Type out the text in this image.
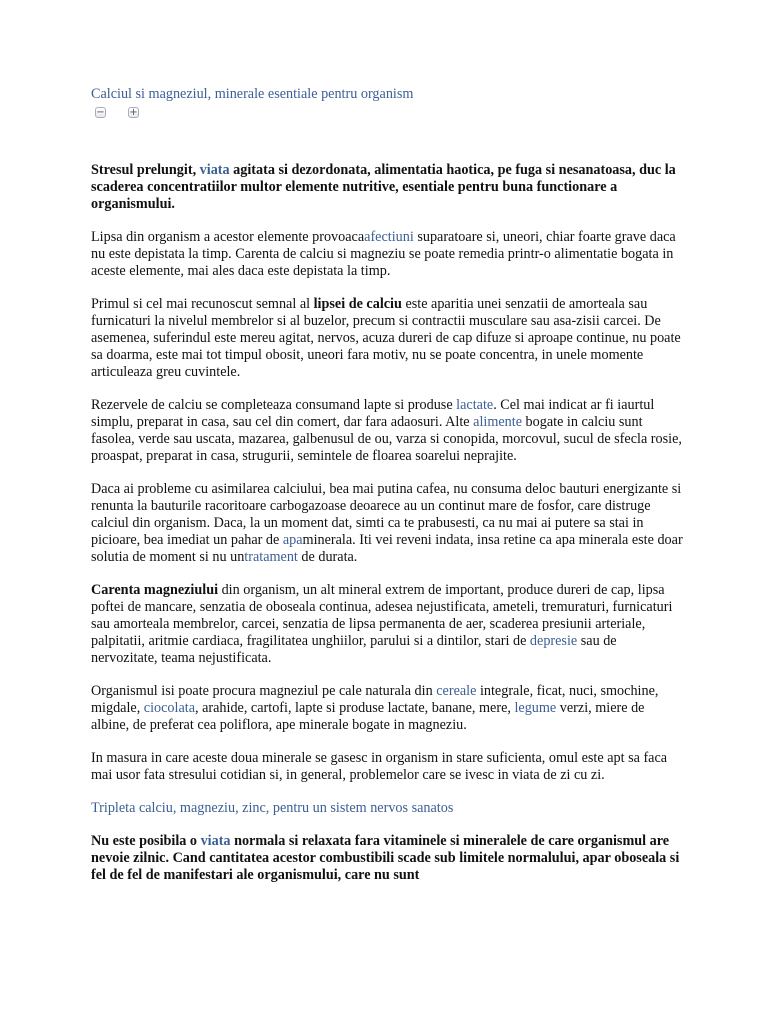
Calciul si magneziul, minerale esentiale pentru organism
− +

Stresul prelungit, viata agitata si dezordonata, alimentatia haotica, pe fuga si nesanatoasa, duc la scaderea concentratiilor multor elemente nutritive, esentiale pentru buna functionare a organismului.

Lipsa din organism a acestor elemente provoacaafectiuni suparatoare si, uneori, chiar foarte grave daca nu este depistata la timp. Carenta de calciu si magneziu se poate remedia printr-o alimentatie bogata in aceste elemente, mai ales daca este depistata la timp.

Primul si cel mai recunoscut semnal al lipsei de calciu este aparitia unei senzatii de amorteala sau furnicaturi la nivelul membrelor si al buzelor, precum si contractii musculare sau asa-zisii carcei. De asemenea, suferindul este mereu agitat, nervos, acuza dureri de cap difuze si aproape continue, nu poate sa doarma, este mai tot timpul obosit, uneori fara motiv, nu se poate concentra, in unele momente articuleaza greu cuvintele.

Rezervele de calciu se completeaza consumand lapte si produse lactate. Cel mai indicat ar fi iaurtul simplu, preparat in casa, sau cel din comert, dar fara adaosuri. Alte alimente bogate in calciu sunt fasolea, verde sau uscata, mazarea, galbenusul de ou, varza si conopida, morcovul, sucul de sfecla rosie, proaspat, preparat in casa, strugurii, semintele de floarea soarelui neprajite.

Daca ai probleme cu asimilarea calciului, bea mai putina cafea, nu consuma deloc bauturi energizante si renunta la bauturile racoritoare carbogazoase deoarece au un continut mare de fosfor, care distruge calciul din organism. Daca, la un moment dat, simti ca te prabusesti, ca nu mai ai putere sa stai in picioare, bea imediat un pahar de apaminerala. Iti vei reveni indata, insa retine ca apa minerala este doar solutia de moment si nu untratament de durata.

Carenta magneziului din organism, un alt mineral extrem de important, produce dureri de cap, lipsa poftei de mancare, senzatia de oboseala continua, adesea nejustificata, ameteli, tremuraturi, furnicaturi sau amorteala membrelor, carcei, senzatia de lipsa permanenta de aer, scaderea presiunii arteriale, palpitatii, aritmie cardiaca, fragilitatea unghiilor, parului si a dintilor, stari de depresie sau de nervozitate, teama nejustificata.

Organismul isi poate procura magneziul pe cale naturala din cereale integrale, ficat, nuci, smochine, migdale, ciocolata, arahide, cartofi, lapte si produse lactate, banane, mere, legume verzi, miere de albine, de preferat cea poliflora, ape minerale bogate in magneziu.

In masura in care aceste doua minerale se gasesc in organism in stare suficienta, omul este apt sa faca mai usor fata stresului cotidian si, in general, problemelor care se ivesc in viata de zi cu zi.

Tripleta calciu, magneziu, zinc, pentru un sistem nervos sanatos

Nu este posibila o viata normala si relaxata fara vitaminele si mineralele de care organismul are nevoie zilnic. Cand cantitatea acestor combustibili scade sub limitele normalului, apar oboseala si fel de fel de manifestari ale organismului, care nu sunt
